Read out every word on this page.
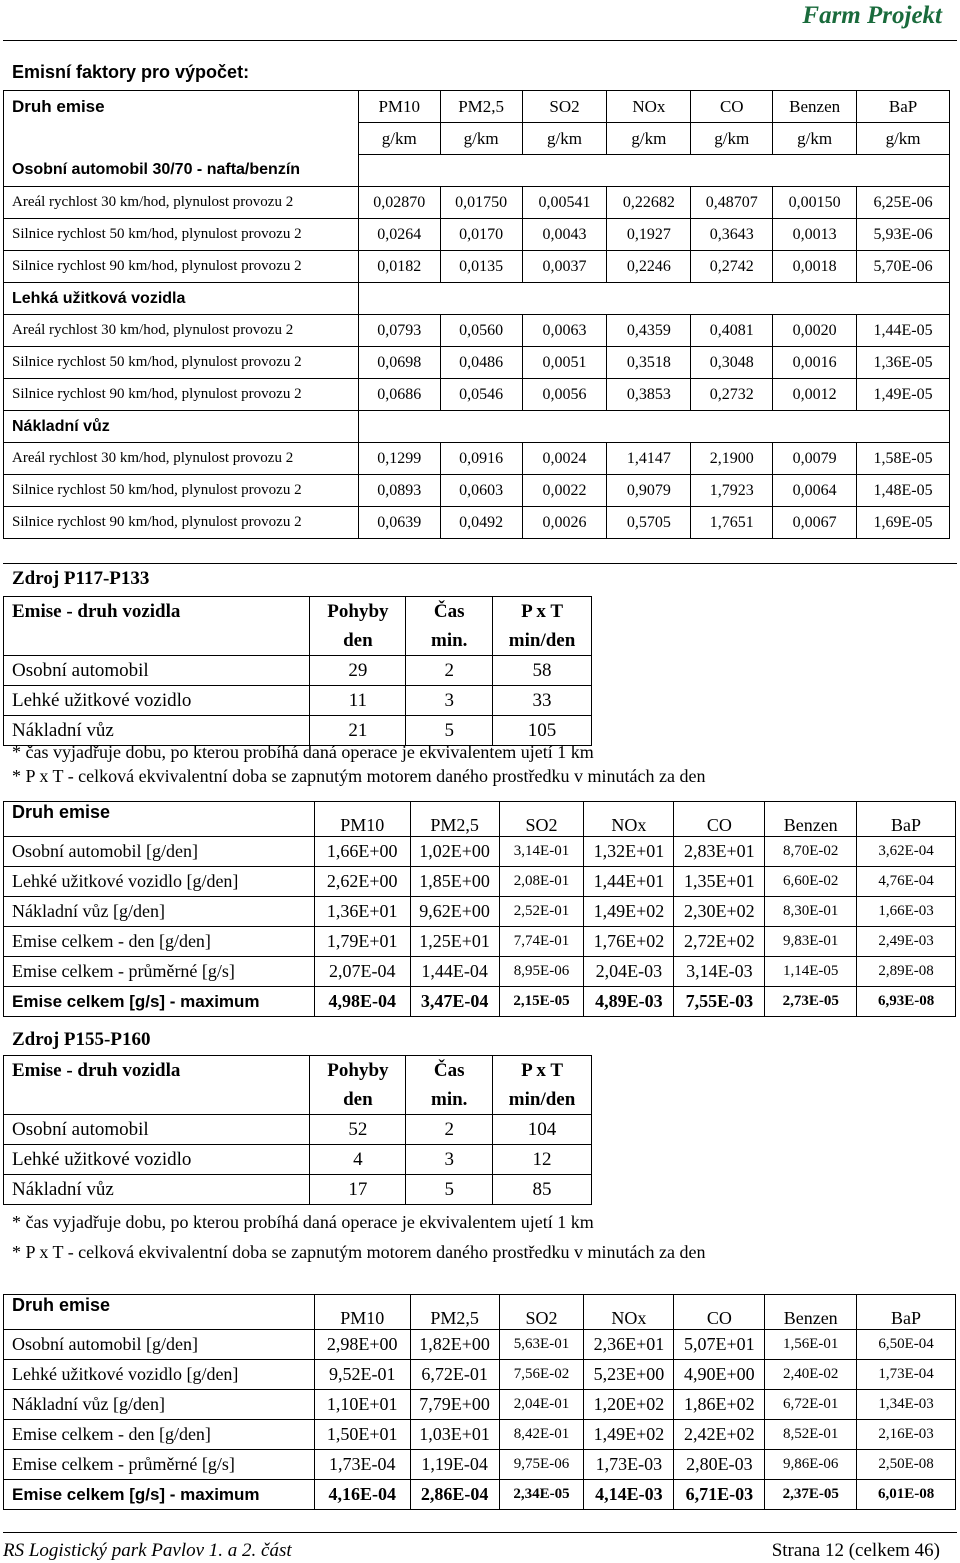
Farm Projekt
Emisní faktory pro výpočet:
Druh emise	PM10	PM2,5	SO2	NOx	CO	Benzen	BaP
	g/km	g/km	g/km	g/km	g/km	g/km	g/km
Osobní automobil 30/70 - nafta/benzín							
Areál rychlost 30 km/hod, plynulost provozu 2	0,02870	0,01750	0,00541	0,22682	0,48707	0,00150	6,25E-06
Silnice rychlost 50 km/hod, plynulost provozu 2	0,0264	0,0170	0,0043	0,1927	0,3643	0,0013	5,93E-06
Silnice rychlost 90 km/hod, plynulost provozu 2	0,0182	0,0135	0,0037	0,2246	0,2742	0,0018	5,70E-06
Lehká užitková vozidla							
Areál rychlost 30 km/hod, plynulost provozu 2	0,0793	0,0560	0,0063	0,4359	0,4081	0,0020	1,44E-05
Silnice rychlost 50 km/hod, plynulost provozu 2	0,0698	0,0486	0,0051	0,3518	0,3048	0,0016	1,36E-05
Silnice rychlost 90 km/hod, plynulost provozu 2	0,0686	0,0546	0,0056	0,3853	0,2732	0,0012	1,49E-05
Nákladní vůz							
Areál rychlost 30 km/hod, plynulost provozu 2	0,1299	0,0916	0,0024	1,4147	2,1900	0,0079	1,58E-05
Silnice rychlost 50 km/hod, plynulost provozu 2	0,0893	0,0603	0,0022	0,9079	1,7923	0,0064	1,48E-05
Silnice rychlost 90 km/hod, plynulost provozu 2	0,0639	0,0492	0,0026	0,5705	1,7651	0,0067	1,69E-05
Zdroj P117-P133
Emise - druh vozidla	Pohyby	Čas	P x T
	den	min.	min/den
Osobní automobil	29	2	58
Lehké užitkové vozidlo	11	3	33
Nákladní vůz	21	5	105
* čas vyjadřuje dobu, po kterou probíhá daná operace je ekvivalentem ujetí 1 km
* P x T - celková ekvivalentní doba se zapnutým motorem daného prostředku v minutách za den
Druh emise	PM10	PM2,5	SO2	NOx	CO	Benzen	BaP
Osobní automobil [g/den]	1,66E+00	1,02E+00	3,14E-01	1,32E+01	2,83E+01	8,70E-02	3,62E-04
Lehké užitkové vozidlo [g/den]	2,62E+00	1,85E+00	2,08E-01	1,44E+01	1,35E+01	6,60E-02	4,76E-04
Nákladní vůz [g/den]	1,36E+01	9,62E+00	2,52E-01	1,49E+02	2,30E+02	8,30E-01	1,66E-03
Emise celkem - den [g/den]	1,79E+01	1,25E+01	7,74E-01	1,76E+02	2,72E+02	9,83E-01	2,49E-03
Emise celkem - průměrné [g/s]	2,07E-04	1,44E-04	8,95E-06	2,04E-03	3,14E-03	1,14E-05	2,89E-08
Emise celkem [g/s] - maximum	4,98E-04	3,47E-04	2,15E-05	4,89E-03	7,55E-03	2,73E-05	6,93E-08
Zdroj P155-P160
Emise - druh vozidla	Pohyby	Čas	P x T
	den	min.	min/den
Osobní automobil	52	2	104
Lehké užitkové vozidlo	4	3	12
Nákladní vůz	17	5	85
* čas vyjadřuje dobu, po kterou probíhá daná operace je ekvivalentem ujetí 1 km
* P x T - celková ekvivalentní doba se zapnutým motorem daného prostředku v minutách za den
Druh emise	PM10	PM2,5	SO2	NOx	CO	Benzen	BaP
Osobní automobil [g/den]	2,98E+00	1,82E+00	5,63E-01	2,36E+01	5,07E+01	1,56E-01	6,50E-04
Lehké užitkové vozidlo [g/den]	9,52E-01	6,72E-01	7,56E-02	5,23E+00	4,90E+00	2,40E-02	1,73E-04
Nákladní vůz [g/den]	1,10E+01	7,79E+00	2,04E-01	1,20E+02	1,86E+02	6,72E-01	1,34E-03
Emise celkem - den [g/den]	1,50E+01	1,03E+01	8,42E-01	1,49E+02	2,42E+02	8,52E-01	2,16E-03
Emise celkem - průměrné [g/s]	1,73E-04	1,19E-04	9,75E-06	1,73E-03	2,80E-03	9,86E-06	2,50E-08
Emise celkem [g/s] - maximum	4,16E-04	2,86E-04	2,34E-05	4,14E-03	6,71E-03	2,37E-05	6,01E-08
RS Logistický park Pavlov 1. a 2. část	Strana 12 (celkem 46)
